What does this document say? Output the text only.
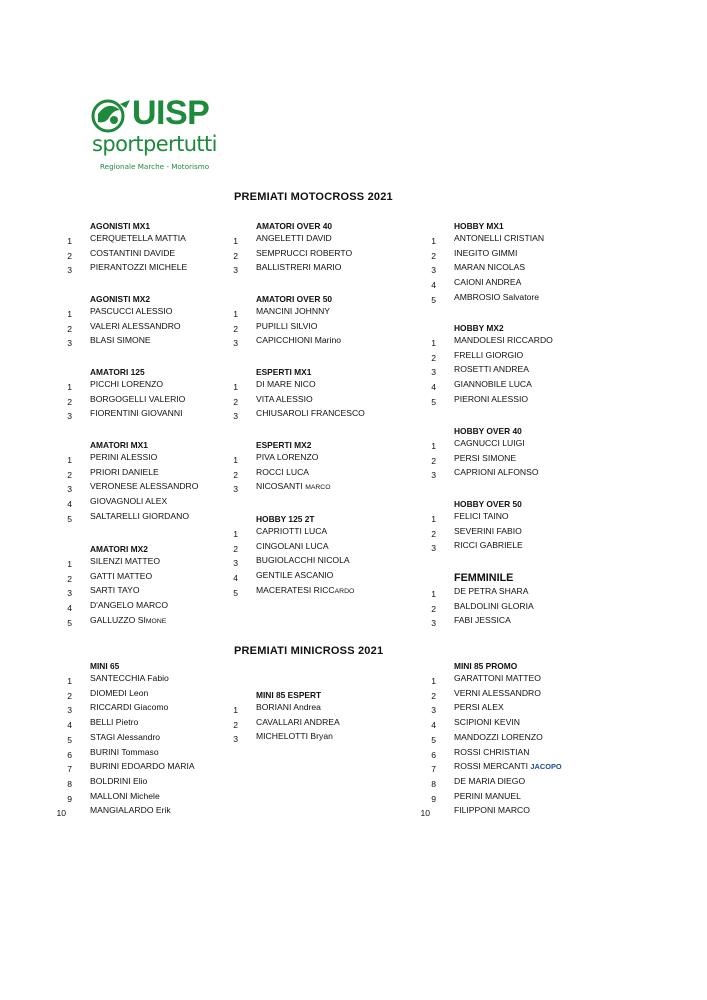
UISP
sportpertutti
Regionale Marche - Motorismo
PREMIATI MOTOCROSS 2021
PREMIATI MINICROSS 2021
AGONISTI MX1
1 CERQUETELLA MATTIA
2 COSTANTINI DAVIDE
3 PIERANTOZZI MICHELE
AGONISTI MX2
1 PASCUCCI ALESSIO
2 VALERI ALESSANDRO
3 BLASI SIMONE
AMATORI 125
1 PICCHI LORENZO
2 BORGOGELLI VALERIO
3 FIORENTINI GIOVANNI
AMATORI MX1
1 PERINI ALESSIO
2 PRIORI DANIELE
3 VERONESE ALESSANDRO
4 GIOVAGNOLI ALEX
5 SALTARELLI GIORDANO
AMATORI MX2
1 SILENZI MATTEO
2 GATTI MATTEO
3 SARTI TAYO
4 D'ANGELO MARCO
5 GALLUZZO SIMONE
AMATORI OVER 40
1 ANGELETTI DAVID
2 SEMPRUCCI ROBERTO
3 BALLISTRERI MARIO
AMATORI OVER 50
1 MANCINI JOHNNY
2 PUPILLI SILVIO
3 CAPICCHIONI Marino
ESPERTI MX1
1 DI MARE NICO
2 VITA ALESSIO
3 CHIUSAROLI FRANCESCO
ESPERTI MX2
1 PIVA LORENZO
2 ROCCI LUCA
3 NICOSANTI MARCO
HOBBY 125 2T
1 CAPRIOTTI LUCA
2 CINGOLANI LUCA
3 BUGIOLACCHI NICOLA
4 GENTILE ASCANIO
5 MACERATESI RICCARDO
HOBBY MX1
1 ANTONELLI CRISTIAN
2 INEGITO GIMMI
3 MARAN NICOLAS
4 CAIONI ANDREA
5 AMBROSIO Salvatore
HOBBY MX2
1 MANDOLESI RICCARDO
2 FRELLI GIORGIO
3 ROSETTI ANDREA
4 GIANNOBILE LUCA
5 PIERONI ALESSIO
HOBBY OVER 40
1 CAGNUCCI LUIGI
2 PERSI SIMONE
3 CAPRIONI ALFONSO
HOBBY OVER 50
1 FELICI TAINO
2 SEVERINI FABIO
3 RICCI GABRIELE
FEMMINILE
1 DE PETRA SHARA
2 BALDOLINI GLORIA
3 FABI JESSICA
MINI 65
1 SANTECCHIA Fabio
2 DIOMEDI Leon
3 RICCARDI Giacomo
4 BELLI Pietro
5 STAGI Alessandro
6 BURINI Tommaso
7 BURINI EDOARDO MARIA
8 BOLDRINI Elio
9 MALLONI Michele
10	MANGIALARDO Erik
MINI 85 ESPERT
1 BORIANI Andrea
2 CAVALLARI ANDREA
3 MICHELOTTI Bryan
MINI 85 PROMO
1 GARATTONI MATTEO
2 VERNI ALESSANDRO
3 PERSI ALEX
4 SCIPIONI KEVIN
5 MANDOZZI LORENZO
6 ROSSI CHRISTIAN
7 ROSSI MERCANTI JACOPO
8 DE MARIA DIEGO
9 PERINI MANUEL
10	FILIPPONI MARCO
